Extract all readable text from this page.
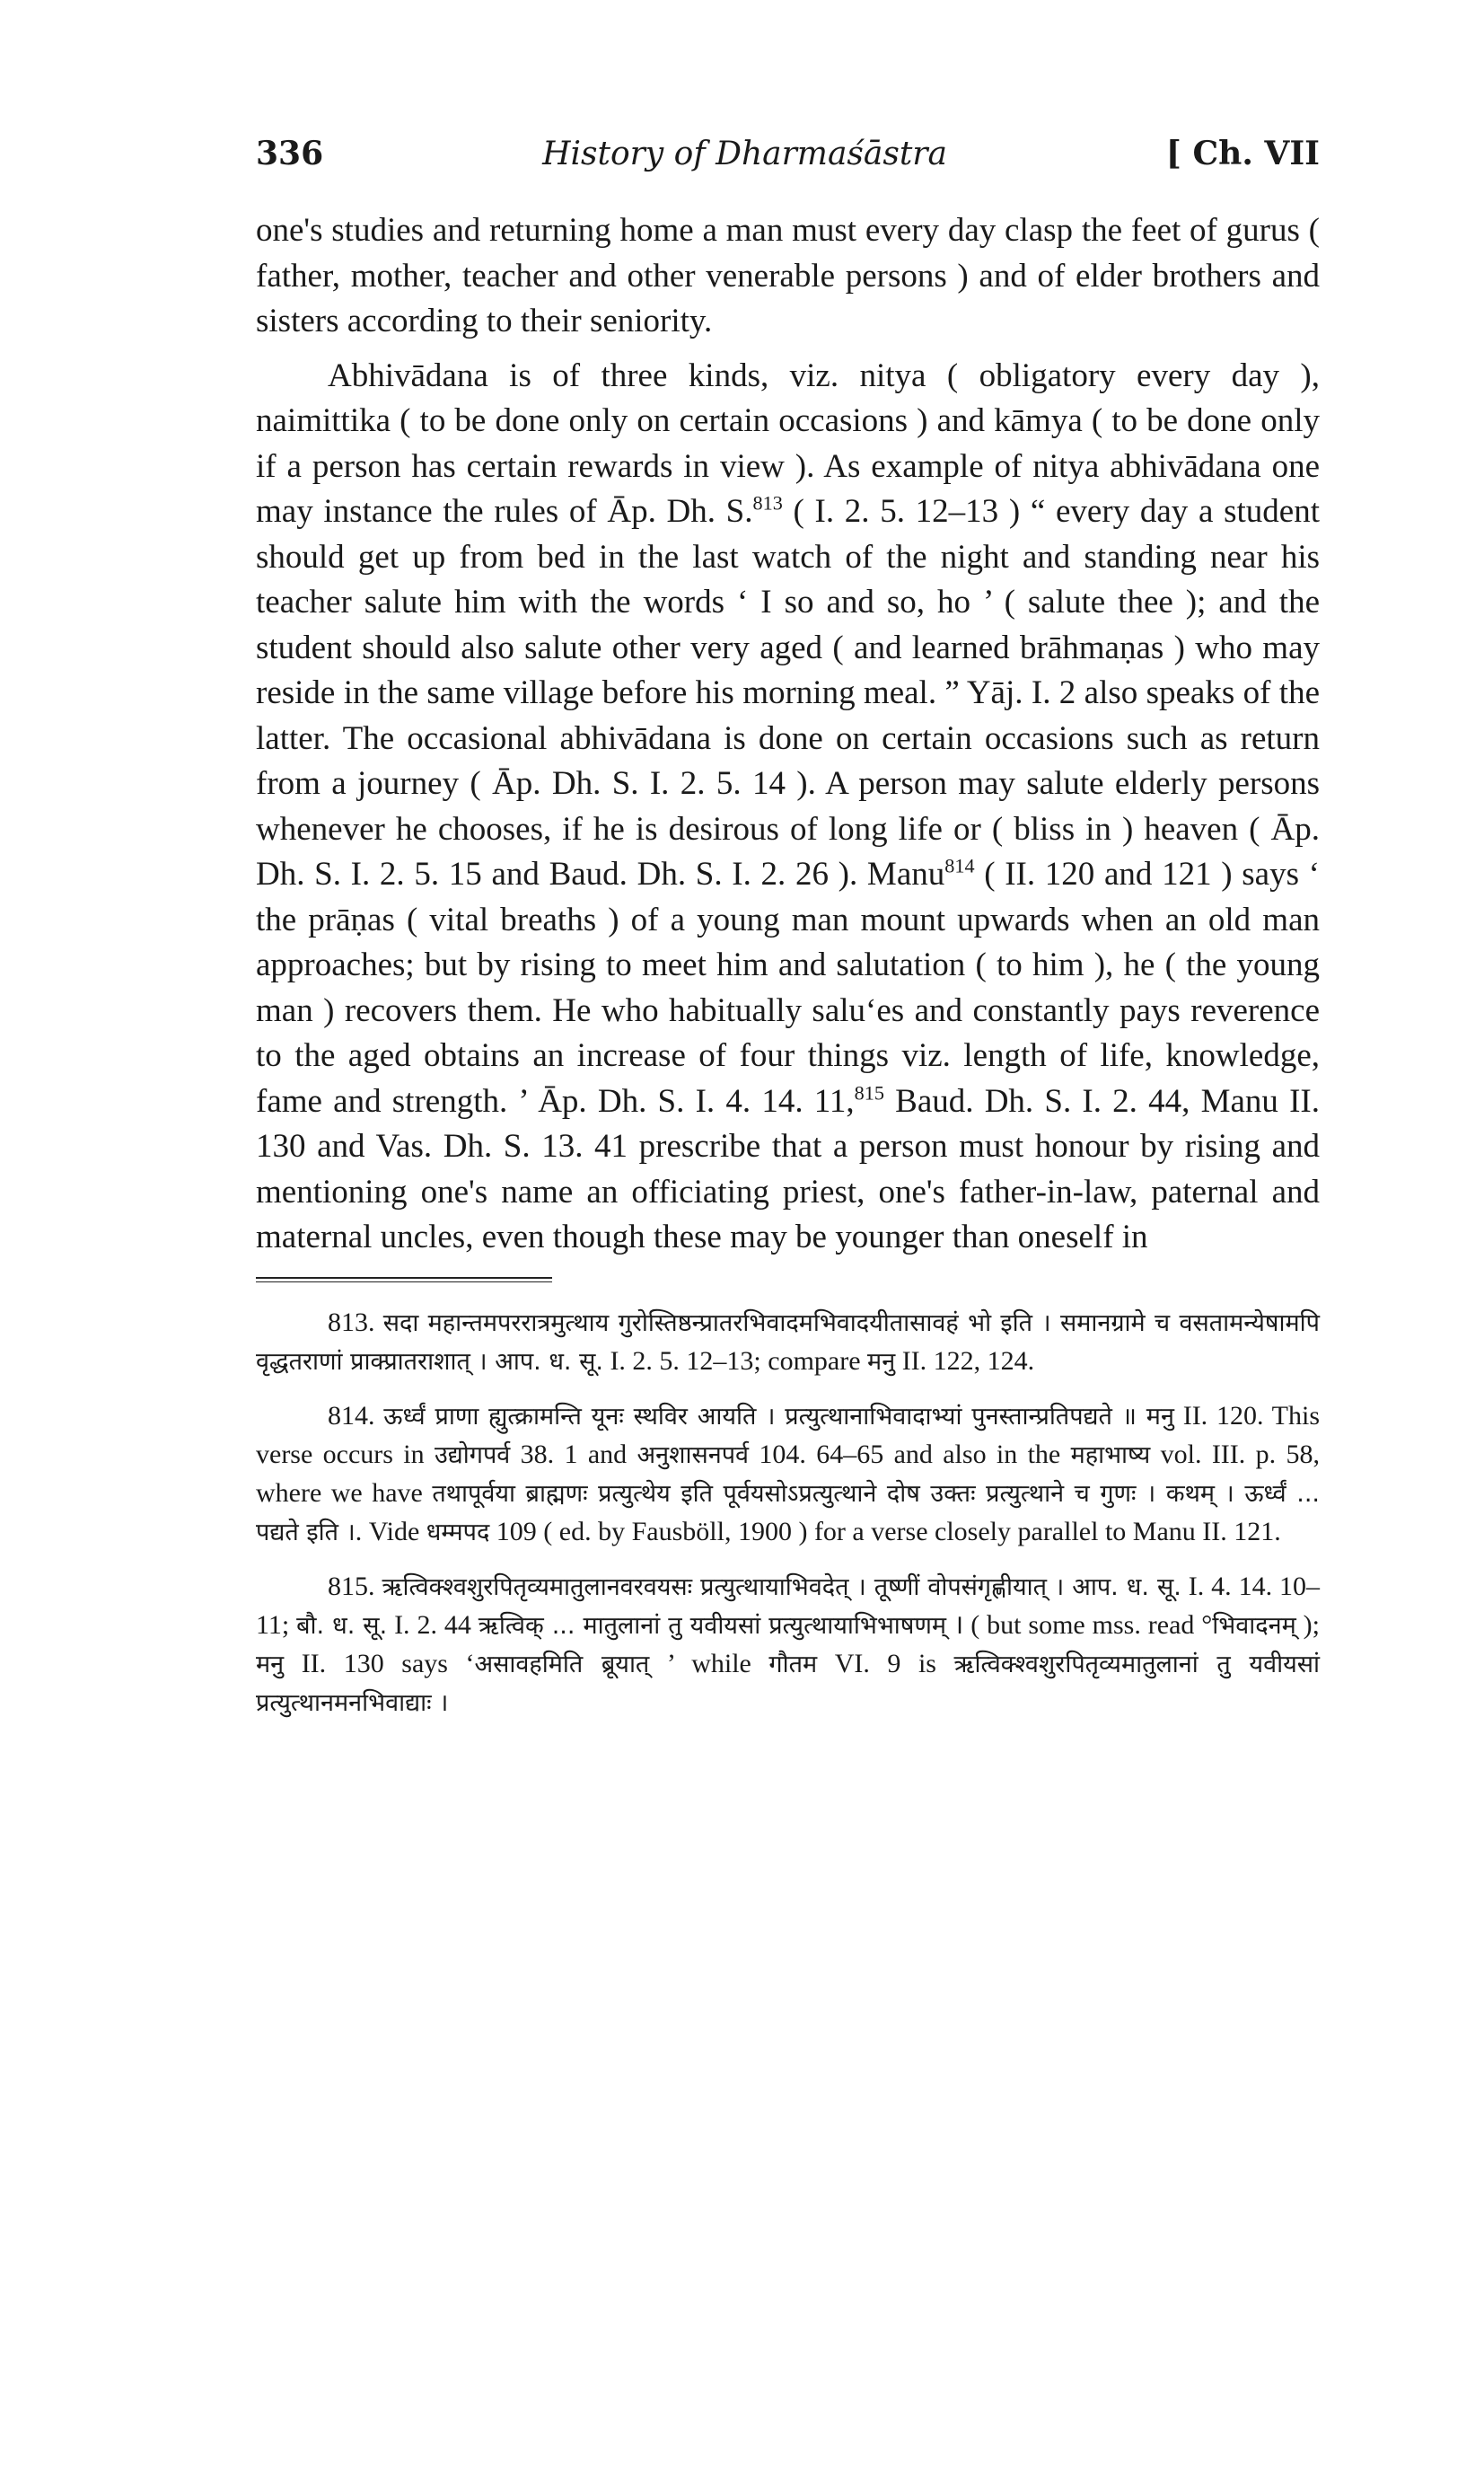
336	History of Dharmaśāstra	[ Ch. VII

one's studies and returning home a man must every day clasp the feet of gurus ( father, mother, teacher and other venerable persons ) and of elder brothers and sisters according to their seniority.

Abhivādana is of three kinds, viz. nitya ( obligatory every day ), naimittika ( to be done only on certain occasions ) and kāmya ( to be done only if a person has certain rewards in view ). As example of nitya abhivādana one may instance the rules of Āp. Dh. S.$^{813}$ ( I. 2. 5. 12–13 ) “ every day a student should get up from bed in the last watch of the night and standing near his teacher salute him with the words ‘ I so and so, ho ’ ( salute thee ); and the student should also salute other very aged ( and learned brāhmaṇas ) who may reside in the same village before his morning meal. ” Yāj. I. 2 also speaks of the latter. The occasional abhivādana is done on certain occasions such as return from a journey ( Āp. Dh. S. I. 2. 5. 14 ). A person may salute elderly persons whenever he chooses, if he is desirous of long life or ( bliss in ) heaven ( Āp. Dh. S. I. 2. 5. 15 and Baud. Dh. S. I. 2. 26 ). Manu$^{814}$ ( II. 120 and 121 ) says ‘ the prāṇas ( vital breaths ) of a young man mount upwards when an old man approaches; but by rising to meet him and salutation ( to him ), he ( the young man ) recovers them. He who habitually salu‘es and constantly pays reverence to the aged obtains an increase of four things viz. length of life, knowledge, fame and strength. ’ Āp. Dh. S. I. 4. 14. 11,$^{815}$ Baud. Dh. S. I. 2. 44, Manu II. 130 and Vas. Dh. S. 13. 41 prescribe that a person must honour by rising and mentioning one's name an officiating priest, one's father-in-law, paternal and maternal uncles, even though these may be younger than oneself in

813. सदा महान्तमपररात्रमुत्थाय गुरोस्तिष्ठन्प्रातरभिवादमभिवादयीतासावहं भो इति । समानग्रामे च वसतामन्येषामपि वृद्धतराणां प्राक्प्रातराशात् । आप. ध. सू. I. 2. 5. 12–13; compare मनु II. 122, 124.

814. ऊर्ध्वं प्राणा ह्युत्क्रामन्ति यूनः स्थविर आयति । प्रत्युत्थानाभिवादाभ्यां पुनस्तान्प्रतिपद्यते ॥ मनु II. 120. This verse occurs in उद्योगपर्व 38. 1 and अनुशासनपर्व 104. 64–65 and also in the महाभाष्य vol. III. p. 58, where we have तथापूर्वया ब्राह्मणः प्रत्युत्थेय इति पूर्वयसोऽप्रत्युत्थाने दोष उक्तः प्रत्युत्थाने च गुणः । कथम् । ऊर्ध्वं ... पद्यते इति ।. Vide धम्मपद 109 ( ed. by Fausböll, 1900 ) for a verse closely parallel to Manu II. 121.

815. ऋत्विक्श्वशुरपितृव्यमातुलानवरवयसः प्रत्युत्थायाभिवदेत् । तूष्णीं वोपसंगृह्णीयात् । आप. ध. सू. I. 4. 14. 10–11; बौ. ध. सू. I. 2. 44 ऋत्विक् ... मातुलानां तु यवीयसां प्रत्युत्थायाभिभाषणम् । ( but some mss. read °भिवादनम् ); मनु II. 130 says ‘असावहमिति ब्रूयात् ’ while गौतम VI. 9 is ऋत्विक्श्वशुरपितृव्यमातुलानां तु यवीयसां प्रत्युत्थानमनभिवाद्याः ।
